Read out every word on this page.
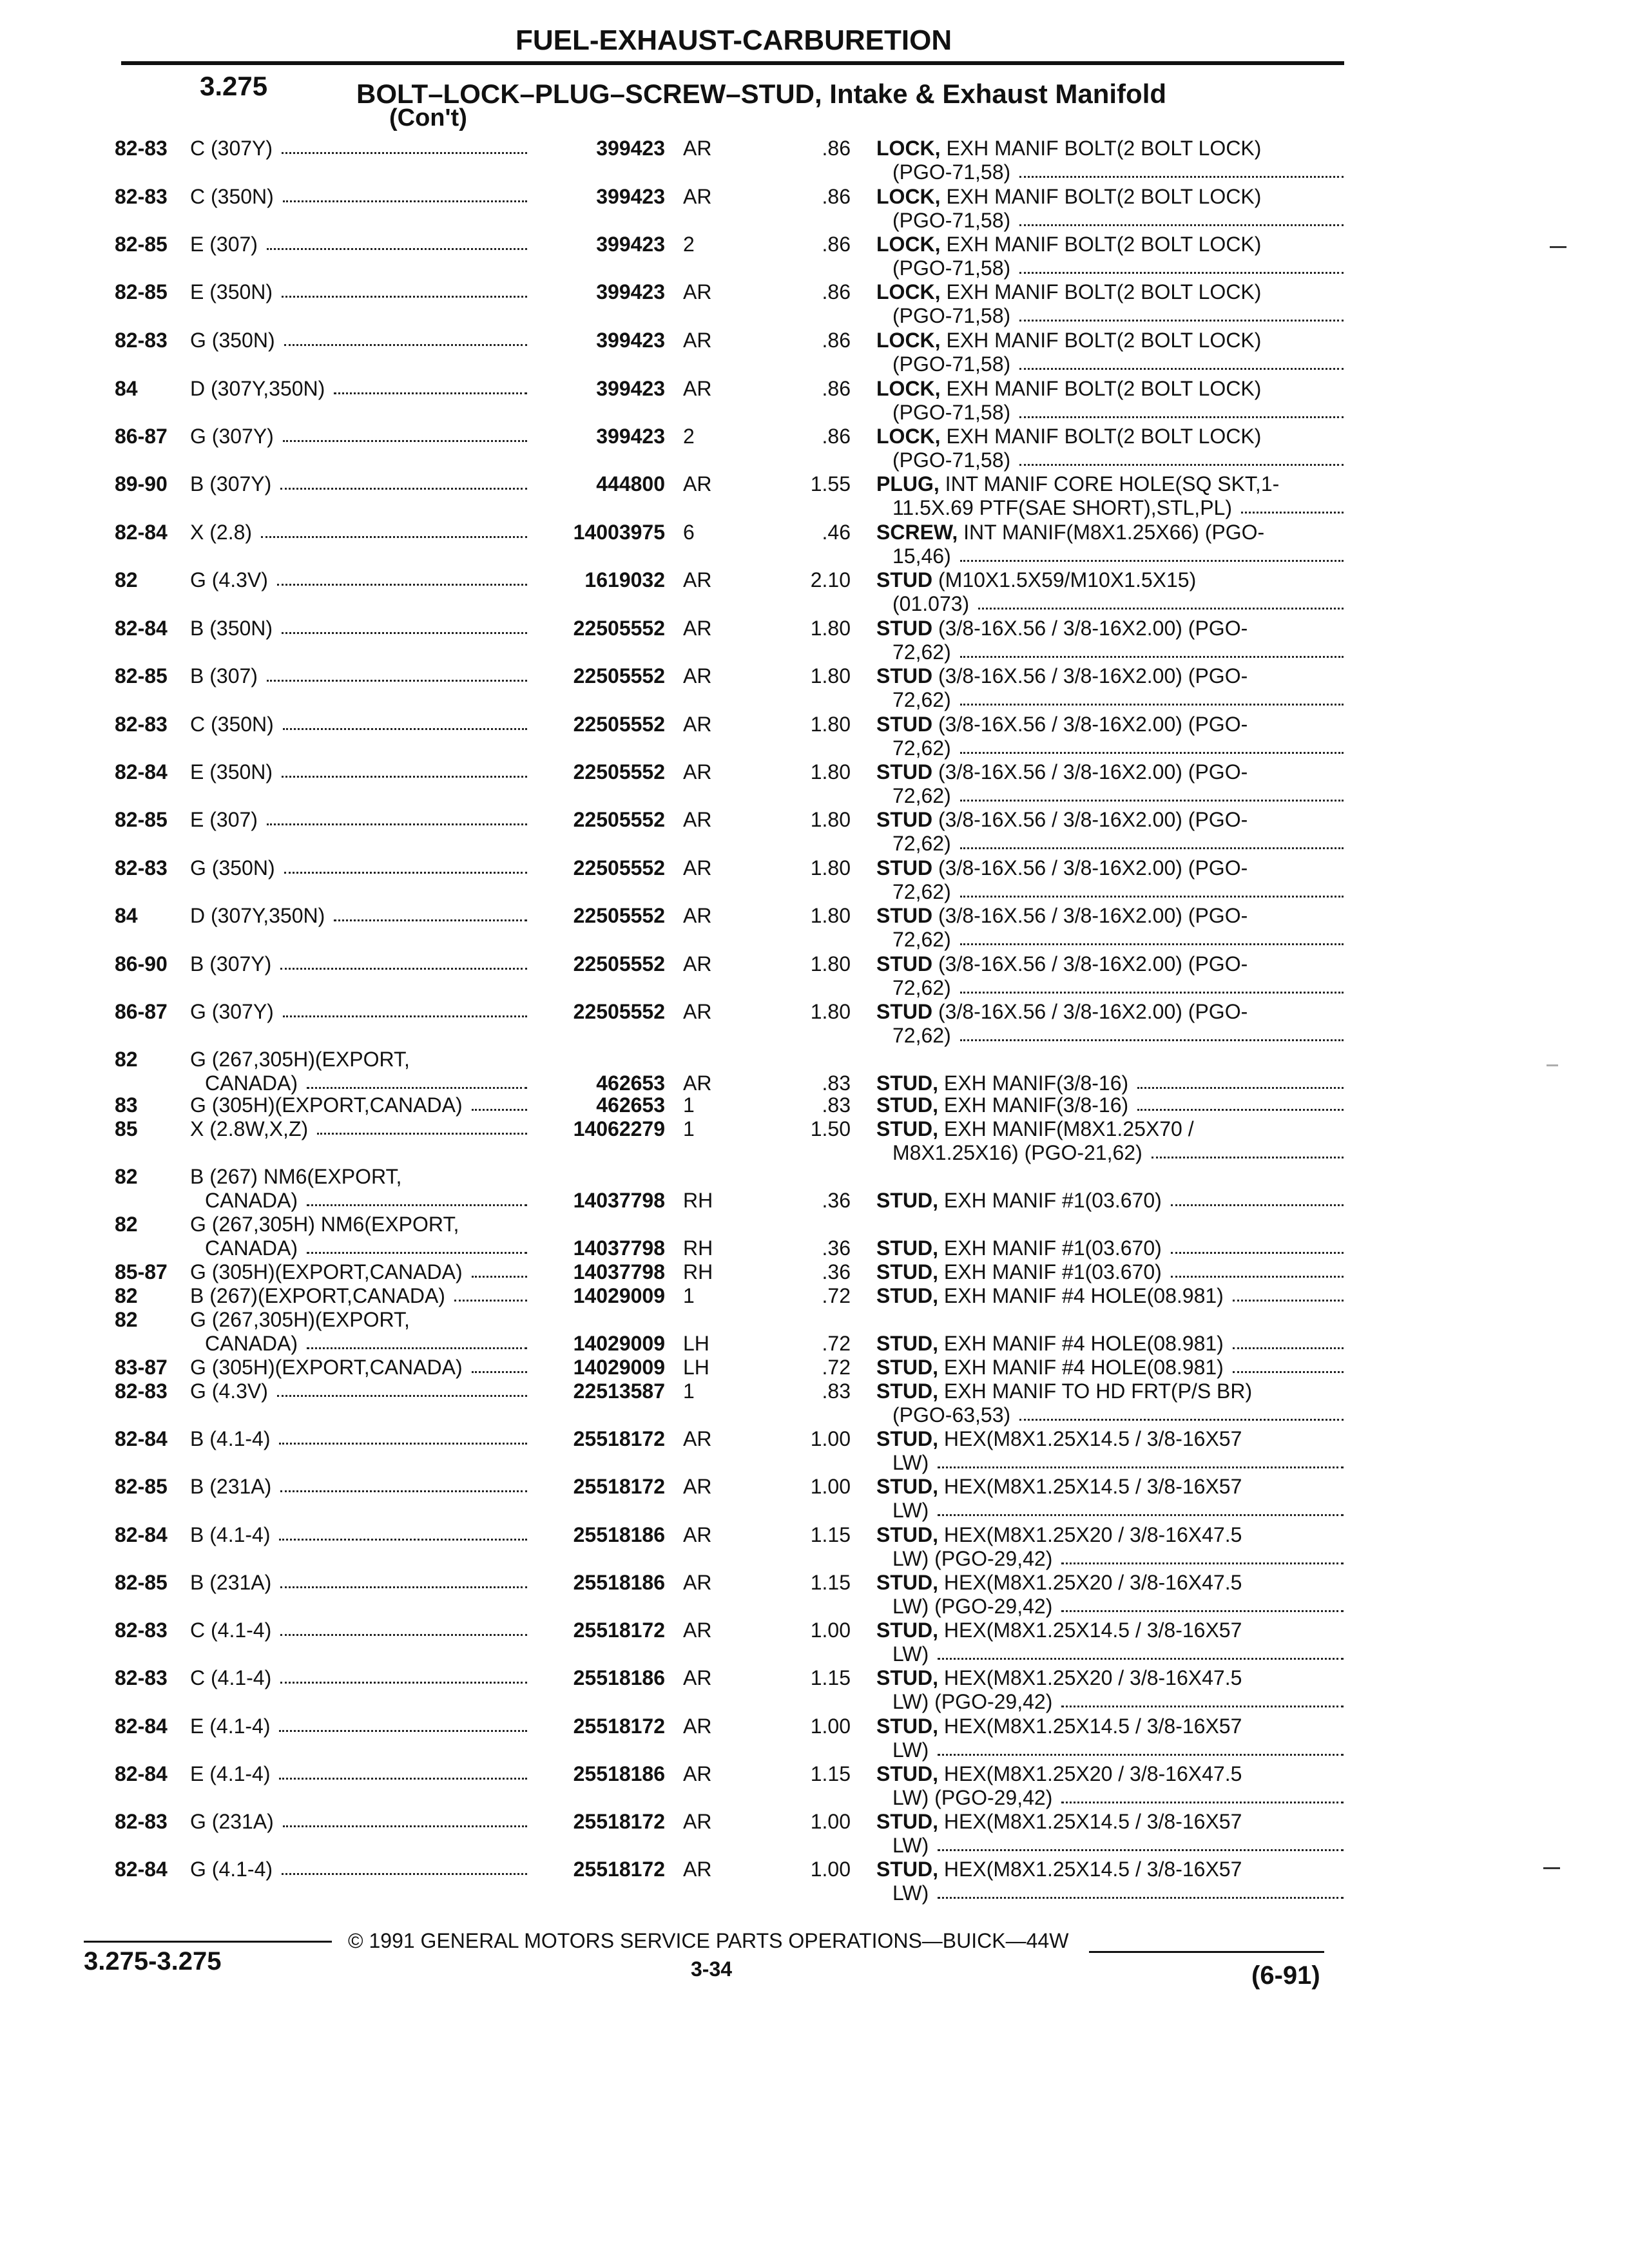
FUEL-EXHAUST-CARBURETION
3.275	BOLT–LOCK–PLUG–SCREW–STUD, Intake & Exhaust Manifold
(Con't)
82-83 C (307Y)	399423 AR	.86 LOCK, EXH MANIF BOLT(2 BOLT LOCK)
(PGO-71,58)
82-83 C (350N)	399423 AR	.86 LOCK, EXH MANIF BOLT(2 BOLT LOCK)
(PGO-71,58)
82-85 E (307)	399423 2	.86 LOCK, EXH MANIF BOLT(2 BOLT LOCK)
(PGO-71,58)
82-85 E (350N)	399423 AR	.86 LOCK, EXH MANIF BOLT(2 BOLT LOCK)
(PGO-71,58)
82-83 G (350N)	399423 AR	.86 LOCK, EXH MANIF BOLT(2 BOLT LOCK)
(PGO-71,58)
84	D (307Y,350N)	399423 AR	.86 LOCK, EXH MANIF BOLT(2 BOLT LOCK)
(PGO-71,58)
86-87 G (307Y)	399423 2	.86 LOCK, EXH MANIF BOLT(2 BOLT LOCK)
(PGO-71,58)
89-90 B (307Y)	444800 AR	1.55 PLUG, INT MANIF CORE HOLE(SQ SKT,1-
11.5X.69 PTF(SAE SHORT),STL,PL)
82-84 X (2.8)	14003975 6	.46 SCREW, INT MANIF(M8X1.25X66) (PGO-
15,46)
82	G (4.3V)	1619032 AR	2.10 STUD (M10X1.5X59/M10X1.5X15)
(01.073)
82-84 B (350N)	22505552 AR	1.80 STUD (3/8-16X.56 / 3/8-16X2.00) (PGO-
72,62)
82-85 B (307)	22505552 AR	1.80 STUD (3/8-16X.56 / 3/8-16X2.00) (PGO-
72,62)
82-83 C (350N)	22505552 AR	1.80 STUD (3/8-16X.56 / 3/8-16X2.00) (PGO-
72,62)
82-84 E (350N)	22505552 AR	1.80 STUD (3/8-16X.56 / 3/8-16X2.00) (PGO-
72,62)
82-85 E (307)	22505552 AR	1.80 STUD (3/8-16X.56 / 3/8-16X2.00) (PGO-
72,62)
82-83 G (350N)	22505552 AR	1.80 STUD (3/8-16X.56 / 3/8-16X2.00) (PGO-
72,62)
84	D (307Y,350N)	22505552 AR	1.80 STUD (3/8-16X.56 / 3/8-16X2.00) (PGO-
72,62)
86-90 B (307Y)	22505552 AR	1.80 STUD (3/8-16X.56 / 3/8-16X2.00) (PGO-
72,62)
86-87 G (307Y)	22505552 AR	1.80 STUD (3/8-16X.56 / 3/8-16X2.00) (PGO-
72,62)
82	G (267,305H)(EXPORT,
CANADA)	462653 AR	.83 STUD, EXH MANIF(3/8-16)
83	G (305H)(EXPORT,CANADA)	462653 1	.83 STUD, EXH MANIF(3/8-16)
85	X (2.8W,X,Z)	14062279 1	1.50 STUD, EXH MANIF(M8X1.25X70 /
M8X1.25X16) (PGO-21,62)
82	B (267) NM6(EXPORT,
CANADA)	14037798 RH	.36 STUD, EXH MANIF #1(03.670)
82	G (267,305H) NM6(EXPORT,
CANADA)	14037798 RH	.36 STUD, EXH MANIF #1(03.670)
85-87 G (305H)(EXPORT,CANADA)	14037798 RH	.36 STUD, EXH MANIF #1(03.670)
82	B (267)(EXPORT,CANADA)	14029009 1	.72 STUD, EXH MANIF #4 HOLE(08.981)
82	G (267,305H)(EXPORT,
CANADA)	14029009 LH	.72 STUD, EXH MANIF #4 HOLE(08.981)
83-87 G (305H)(EXPORT,CANADA)	14029009 LH	.72 STUD, EXH MANIF #4 HOLE(08.981)
82-83 G (4.3V)	22513587 1	.83 STUD, EXH MANIF TO HD FRT(P/S BR)
(PGO-63,53)
82-84 B (4.1-4)	25518172 AR	1.00 STUD, HEX(M8X1.25X14.5 / 3/8-16X57
LW)
82-85 B (231A)	25518172 AR	1.00 STUD, HEX(M8X1.25X14.5 / 3/8-16X57
LW)
82-84 B (4.1-4)	25518186 AR	1.15 STUD, HEX(M8X1.25X20 / 3/8-16X47.5
LW) (PGO-29,42)
82-85 B (231A)	25518186 AR	1.15 STUD, HEX(M8X1.25X20 / 3/8-16X47.5
LW) (PGO-29,42)
82-83 C (4.1-4)	25518172 AR	1.00 STUD, HEX(M8X1.25X14.5 / 3/8-16X57
LW)
82-83 C (4.1-4)	25518186 AR	1.15 STUD, HEX(M8X1.25X20 / 3/8-16X47.5
LW) (PGO-29,42)
82-84 E (4.1-4)	25518172 AR	1.00 STUD, HEX(M8X1.25X14.5 / 3/8-16X57
LW)
82-84 E (4.1-4)	25518186 AR	1.15 STUD, HEX(M8X1.25X20 / 3/8-16X47.5
LW) (PGO-29,42)
82-83 G (231A)	25518172 AR	1.00 STUD, HEX(M8X1.25X14.5 / 3/8-16X57
LW)
82-84 G (4.1-4)	25518172 AR	1.00 STUD, HEX(M8X1.25X14.5 / 3/8-16X57
LW)
© 1991 GENERAL MOTORS SERVICE PARTS OPERATIONS—BUICK—44W
3.275-3.275	3-34	(6-91)
